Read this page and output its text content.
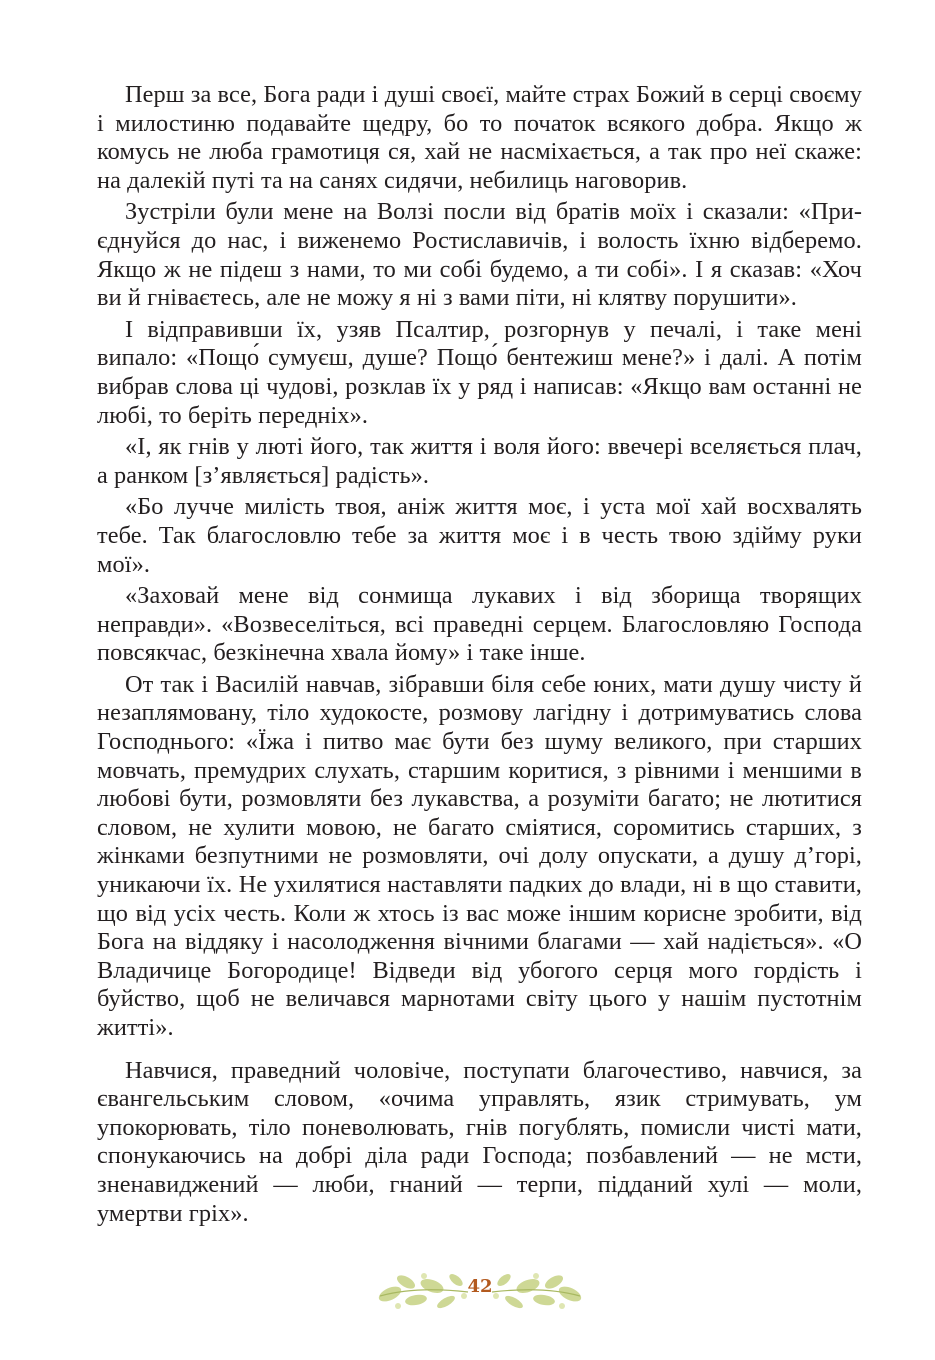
Перш за все, Бога ради і душі своєї, майте страх Божий в серці своєму і милостиню подавайте щедру, бо то початок всякого добра. Якщо ж комусь не люба грамотиця ся, хай не насміхається, а так про неї скаже: на далекій путі та на санях сидячи, небилиць наговорив.

Зустріли були мене на Волзі посли від братів моїх і сказали: «Приєднуйся до нас, і виженемо Ростиславичів, і волость їхню відберемо. Якщо ж не підеш з нами, то ми собі будемо, а ти собі». І я сказав: «Хоч ви й гніваєтесь, але не можу я ні з вами піти, ні клятву порушити».

І відправивши їх, узяв Псалтир, розгорнув у печалі, і таке мені випало: «Пощо́ сумуєш, душе? Пощо́ бентежиш мене?» і далі. А потім вибрав слова ці чудові, розклав їх у ряд і написав: «Якщо вам останні не любі, то беріть передніх».

«І, як гнів у люті його, так життя і воля його: ввечері вселяється плач, а ранком [з’являється] радість».

«Бо лучче милість твоя, аніж життя моє, і уста мої хай восхвалять тебе. Так благословлю тебе за життя моє і в честь твою здійму руки мої».

«Заховай мене від сонмища лукавих і від зборища творящих неправди». «Возвеселіться, всі праведні серцем. Благословляю Господа повсякчас, безкінечна хвала йому» і таке інше.

От так і Василій навчав, зібравши біля себе юних, мати душу чисту й незаплямовану, тіло худокосте, розмову лагідну і дотримуватись слова Господнього: «Їжа і питво має бути без шуму великого, при старших мовчать, премудрих слухать, старшим коритися, з рівними і меншими в любові бути, розмовляти без лукавства, а розуміти багато; не лютитися словом, не хулити мовою, не багато сміятися, соромитись старших, з жінками безпутними не розмовляти, очі долу опускати, а душу д’горі, уникаючи їх. Не ухилятися наставляти падких до влади, ні в що ставити, що від усіх честь. Коли ж хтось із вас може іншим корисне зробити, від Бога на віддяку і насолодження вічними благами — хай надіється». «О Владичице Богородице! Відведи від убогого серця мого гордість і буйство, щоб не величався марнотами світу цього у нашім пустотнім житті».

Навчися, праведний чоловіче, поступати благочестиво, навчися, за євангельським словом, «очима управлять, язик стримувать, ум упокорювать, тіло поневолювать, гнів погублять, помисли чисті мати, спонукаючись на добрі діла ради Господа; позбавлений — не мсти, зненавиджений — люби, гнаний — терпи, підданий хулі — моли, умертви гріх».

42
